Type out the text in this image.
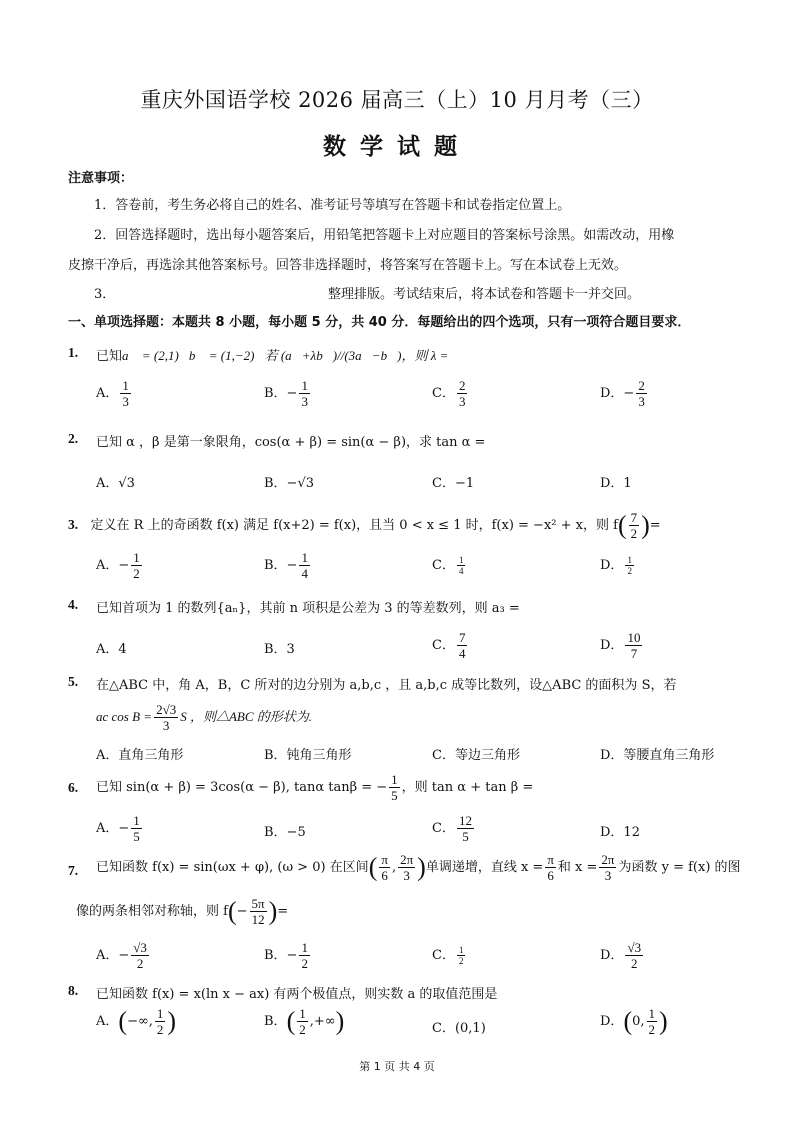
重庆外国语学校 2026 届高三（上）10 月月考（三）
数学试题
注意事项：
1．答卷前，考生务必将自己的姓名、准考证号等填写在答题卡和试卷指定位置上。
2．回答选择题时，选出每小题答案后，用铅笔把答题卡上对应题目的答案标号涂黑。如需改动，用橡
皮擦干净后，再选涂其他答案标号。回答非选择题时，将答案写在答题卡上。写在本试卷上无效。
3．	整理排版。考试结束后，将本试卷和答题卡一并交回。
一、单项选择题：本题共 8 小题，每小题 5 分，共 40 分．每题给出的四个选项，只有一项符合题目要求．
1. 已知a⃗ = (2,1)，b⃗ = (1,−2)，若 (a⃗+λb⃗)//(3a⃗−b⃗)，则 λ =
A． $\frac{1}{3}$	B．− $\frac{1}{3}$	C． $\frac{2}{3}$	D．− $\frac{2}{3}$
2. 已知 α ，β 是第一象限角，cos(α + β) = sin(α − β)，求 tan α =
A．√3	B．−√3	C．−1	D．1
3. 定义在 R 上的奇函数 f(x) 满足 f(x+2) = f(x)，且当 0 < x ≤ 1 时，f(x) = −x² + x，则 $f( \frac{7}{2}$ )=
A．− $\frac{1}{2}$	B．− $\frac{1}{4}$	C． $\frac{1}{4}$	D． $\frac{1}{2}$
4. 已知首项为 1 的数列{aₙ}，其前 n 项积是公差为 3 的等差数列，则 a₃ =
A．4	B．3	C． $\frac{7}{4}$	D． $\frac{10}{7}$
5. 在△ABC 中，角 A，B，C 所对的边分别为 a,b,c ，且 a,b,c 成等比数列，设△ABC 的面积为 S，若
ac $\cos B = \frac{2√3}{3}$ S ，则△ABC 的形状为.
A．直角三角形	B．钝角三角形	C．等边三角形	D．等腰直角三角形
6. 已知 sin(α + β) = 3cos(α − β), tanα tanβ = − $\frac{1}{5}$ ，则 tan α + tan β =
A．− $\frac{1}{5}$	B．−5	C． $\frac{12}{5}$	D．12
7. 已知函数 f(x) = sin(ωx + φ), (ω > 0) 在区间( $\frac{\pi}{6}$ , $\frac{2\pi}{3}$ )单调递增，直线 $x = \frac{\pi}{6}$ 和 $x = \frac{2\pi}{3}$ 为函数 y = f(x) 的图
像的两条相邻对称轴，则 $f(- \frac{5\pi}{12}$ )=
A．− $\frac{√3}{2}$	B．− $\frac{1}{2}$	C． $\frac{1}{2}$	D． $\frac{√3}{2}$
8. 已知函数 f(x) = x(ln x − ax) 有两个极值点，则实数 a 的取值范围是
A．(−∞, $\frac{1}{2}$ )	B．( $\frac{1}{2}$ ,+∞)	C．(0,1)	D．(0, $\frac{1}{2}$ )
第 1 页 共 4 页
